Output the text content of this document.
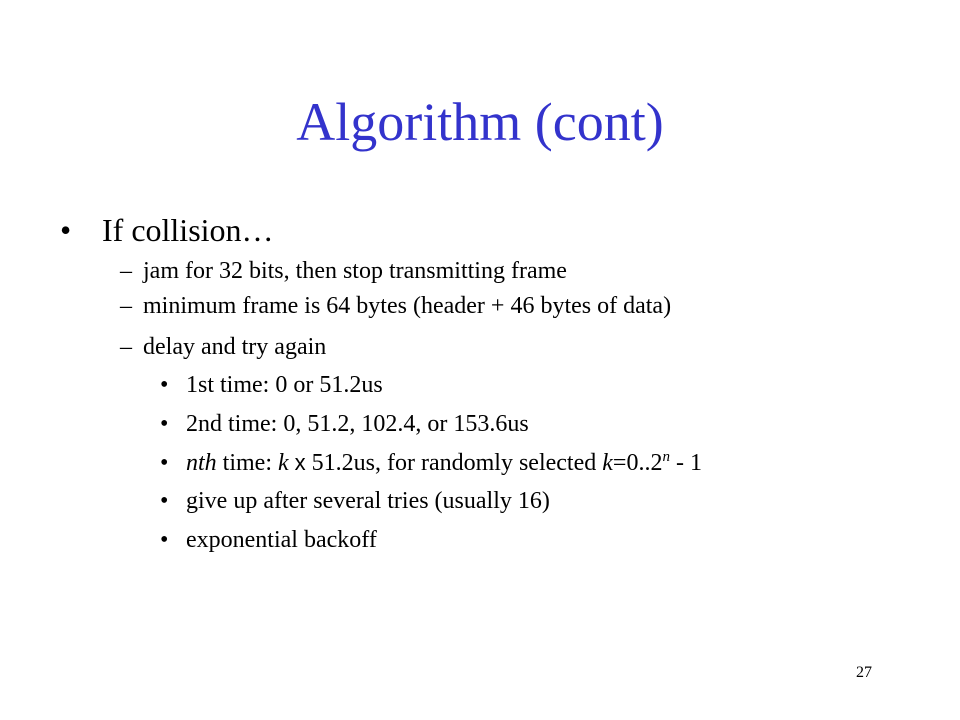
Algorithm (cont)
• If collision…
– jam for 32 bits, then stop transmitting frame
– minimum frame is 64 bytes (header + 46 bytes of data)
– delay and try again
• 1st time: 0 or 51.2us
• 2nd time: 0, 51.2, 102.4, or 153.6us
• nth time: k x 51.2us, for randomly selected $k=0..2^n - 1$
• give up after several tries (usually 16)
• exponential backoff
27
